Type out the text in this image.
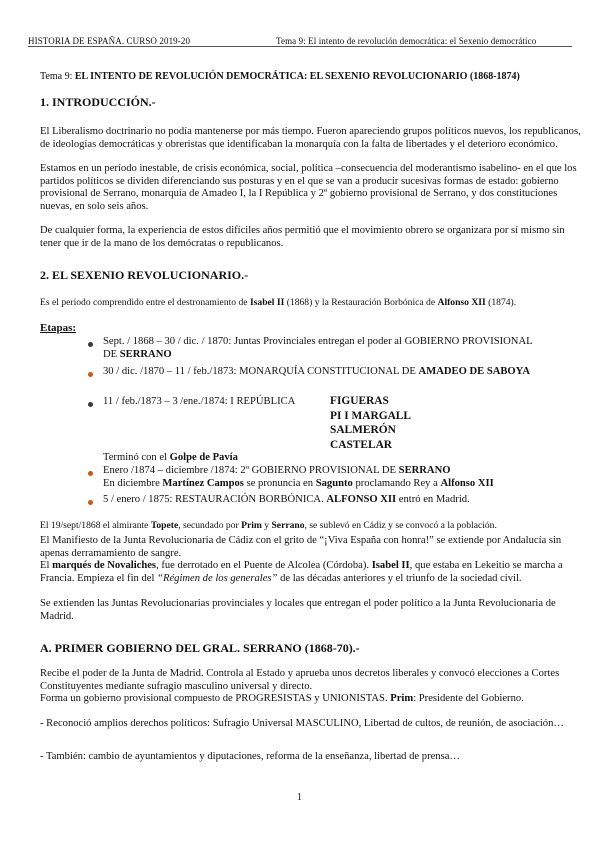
HISTORIA DE ESPAÑA. CURSO 2019-20	Tema 9: El intento de revolución democrática: el Sexenio democrático
Tema 9: EL INTENTO DE REVOLUCIÓN DEMOCRÁTICA: EL SEXENIO REVOLUCIONARIO (1868-1874)
1. INTRODUCCIÓN.-

El Liberalismo doctrinario no podía mantenerse por más tiempo. Fueron apareciendo grupos políticos nuevos, los republicanos, de ideologías democráticas y obreristas que identificaban la monarquía con la falta de libertades y el deterioro económico.

Estamos en un período inestable, de crisis económica, social, política –consecuencia del moderantismo isabelino- en el que los partidos políticos se dividen diferenciando sus posturas y en el que se van a producir sucesivas formas de estado: gobierno provisional de Serrano, monarquía de Amadeo I, la I República y 2º gobierno provisional de Serrano, y dos constituciones nuevas, en solo seis años.

De cualquier forma, la experiencia de estos difíciles años permitió que el movimiento obrero se organizara por sí mismo sin tener que ir de la mano de los demócratas o republicanos.

2. EL SEXENIO REVOLUCIONARIO.-

Es el periodo comprendido entre el destronamiento de Isabel II (1868) y la Restauración Borbónica de Alfonso XII (1874).

Etapas:

Sept. / 1868 – 30 / dic. / 1870: Juntas Provinciales entregan el poder al GOBIERNO PROVISIONAL DE SERRANO

30 / dic. /1870 – 11 / feb./1873: MONARQUÍA CONSTITUCIONAL DE AMADEO DE SABOYA

11 / feb./1873 – 3 /ene./1874: I REPÚBLICA	FIGUERAS
PI I MARGALL
SALMERÓN
CASTELAR

Terminó con el Golpe de Pavía

Enero /1874 – diciembre /1874: 2º GOBIERNO PROVISIONAL DE SERRANO
En diciembre Martínez Campos se pronuncia en Sagunto proclamando Rey a Alfonso XII

5 / enero / 1875: RESTAURACIÓN BORBÓNICA. ALFONSO XII entró en Madrid.

El 19/sept/1868 el almirante Topete, secundado por Prim y Serrano, se sublevó en Cádiz y se convocó a la población.

El Manifiesto de la Junta Revolucionaria de Cádiz con el grito de “¡Viva España con honra!” se extiende por Andalucía sin apenas derramamiento de sangre.

El marqués de Novaliches, fue derrotado en el Puente de Alcolea (Córdoba). Isabel II, que estaba en Lekeitio se marcha a Francia. Empieza el fin del “Régimen de los generales” de las décadas anteriores y el triunfo de la sociedad civil.

Se extienden las Juntas Revolucionarias provinciales y locales que entregan el poder político a la Junta Revolucionaria de Madrid.

A. PRIMER GOBIERNO DEL GRAL. SERRANO (1868-70).-

Recibe el poder de la Junta de Madrid. Controla al Estado y aprueba unos decretos liberales y convocó elecciones a Cortes Constituyentes mediante sufragio masculino universal y directo.

Forma un gobierno provisional compuesto de PROGRESISTAS y UNIONISTAS. Prim: Presidente del Gobierno.

- Reconoció amplios derechos políticos: Sufragio Universal MASCULINO, Libertad de cultos, de reunión, de asociación…

- También: cambio de ayuntamientos y diputaciones, reforma de la enseñanza, libertad de prensa…

1
